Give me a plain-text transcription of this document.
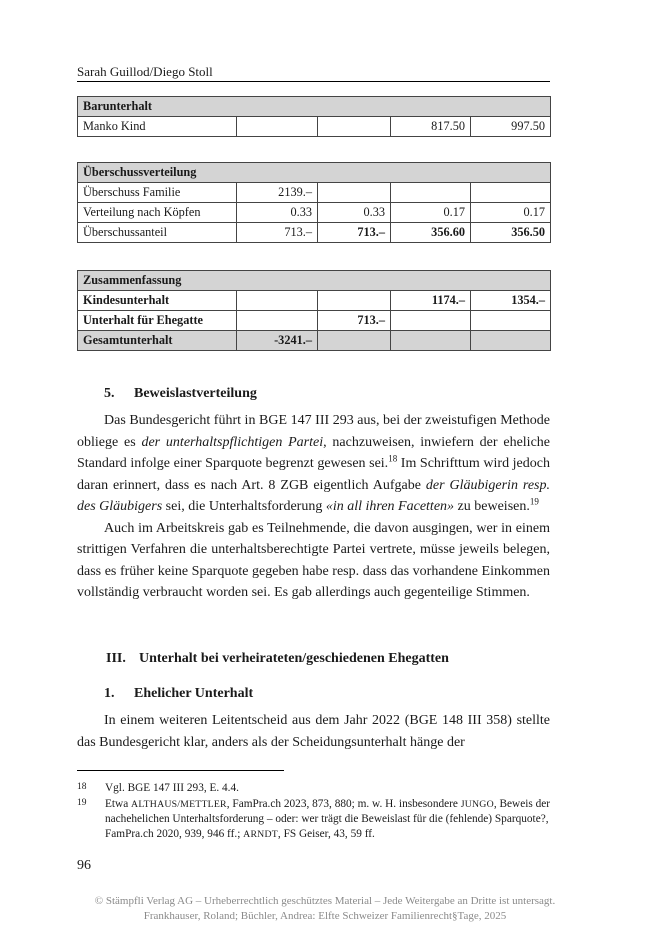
Sarah Guillod/Diego Stoll
Barunterhalt
Manko Kind			817.50	997.50
Überschussverteilung				
Überschuss Familie	2139.–			
Verteilung nach Köpfen	0.33	0.33	0.17	0.17
Überschussanteil	713.–	713.–	356.60	356.50
Zusammenfassung				
Kindesunterhalt			1174.–	1354.–
Unterhalt für Ehegatte		713.–		
Gesamtunterhalt	-3241.–			
5. Beweislastverteilung

Das Bundesgericht führt in BGE 147 III 293 aus, bei der zweistufigen Methode obliege es der unterhaltspflichtigen Partei, nachzuweisen, inwiefern der eheliche Standard infolge einer Sparquote begrenzt gewesen sei.$^{18}$ Im Schrifttum wird jedoch daran erinnert, dass es nach Art. 8 ZGB eigentlich Aufgabe der Gläubigerin resp. des Gläubigers sei, die Unterhaltsforderung «in all ihren Facetten» zu beweisen.$^{19}$

Auch im Arbeitskreis gab es Teilnehmende, die davon ausgingen, wer in einem strittigen Verfahren die unterhaltsberechtigte Partei vertrete, müsse jeweils belegen, dass es früher keine Sparquote gegeben habe resp. dass das vorhandene Einkommen vollständig verbraucht worden sei. Es gab allerdings auch gegenteilige Stimmen.

III. Unterhalt bei verheirateten/geschiedenen Ehegatten
1. Ehelicher Unterhalt

In einem weiteren Leitentscheid aus dem Jahr 2022 (BGE 148 III 358) stellte das Bundesgericht klar, anders als der Scheidungsunterhalt hänge der

18 Vgl. BGE 147 III 293, E. 4.4.
19 Etwa ALTHAUS/METTLER, FamPra.ch 2023, 873, 880; m. w. H. insbesondere JUNGO, Beweis der nachehelichen Unterhaltsforderung – oder: wer trägt die Beweislast für die (fehlende) Sparquote?, FamPra.ch 2020, 939, 946 ff.; ARNDT, FS Geiser, 43, 59 ff.
96
© Stämpfli Verlag AG – Urheberrechtlich geschütztes Material – Jede Weitergabe an Dritte ist untersagt.
Frankhauser, Roland; Büchler, Andrea: Elfte Schweizer Familienrecht§Tage, 2025
